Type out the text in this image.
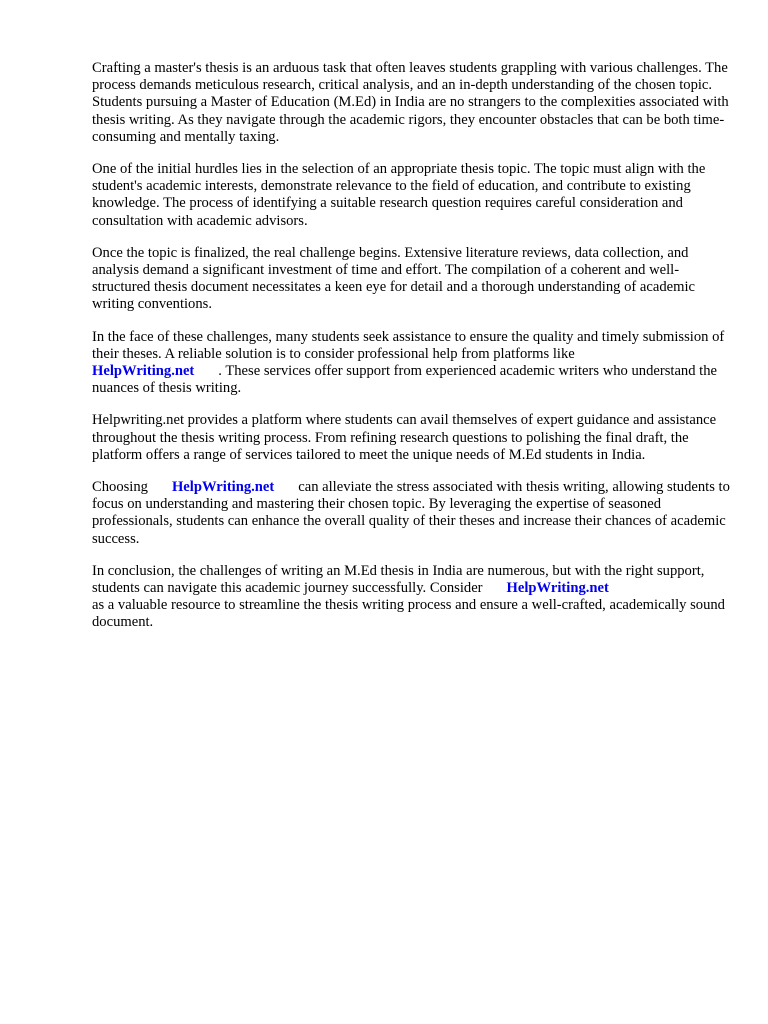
Crafting a master's thesis is an arduous task that often leaves students grappling with various challenges. The process demands meticulous research, critical analysis, and an in-depth understanding of the chosen topic. Students pursuing a Master of Education (M.Ed) in India are no strangers to the complexities associated with thesis writing. As they navigate through the academic rigors, they encounter obstacles that can be both time-consuming and mentally taxing.

One of the initial hurdles lies in the selection of an appropriate thesis topic. The topic must align with the student's academic interests, demonstrate relevance to the field of education, and contribute to existing knowledge. The process of identifying a suitable research question requires careful consideration and consultation with academic advisors.

Once the topic is finalized, the real challenge begins. Extensive literature reviews, data collection, and analysis demand a significant investment of time and effort. The compilation of a coherent and well-structured thesis document necessitates a keen eye for detail and a thorough understanding of academic writing conventions.

In the face of these challenges, many students seek assistance to ensure the quality and timely submission of their theses. A reliable solution is to consider professional help from platforms like
HelpWriting.net . These services offer support from experienced academic writers who understand the nuances of thesis writing.

Helpwriting.net provides a platform where students can avail themselves of expert guidance and assistance throughout the thesis writing process. From refining research questions to polishing the final draft, the platform offers a range of services tailored to meet the unique needs of M.Ed students in India.

Choosing HelpWriting.net can alleviate the stress associated with thesis writing, allowing students to focus on understanding and mastering their chosen topic. By leveraging the expertise of seasoned professionals, students can enhance the overall quality of their theses and increase their chances of academic success.

In conclusion, the challenges of writing an M.Ed thesis in India are numerous, but with the right support, students can navigate this academic journey successfully. Consider HelpWriting.net
as a valuable resource to streamline the thesis writing process and ensure a well-crafted, academically sound document.
